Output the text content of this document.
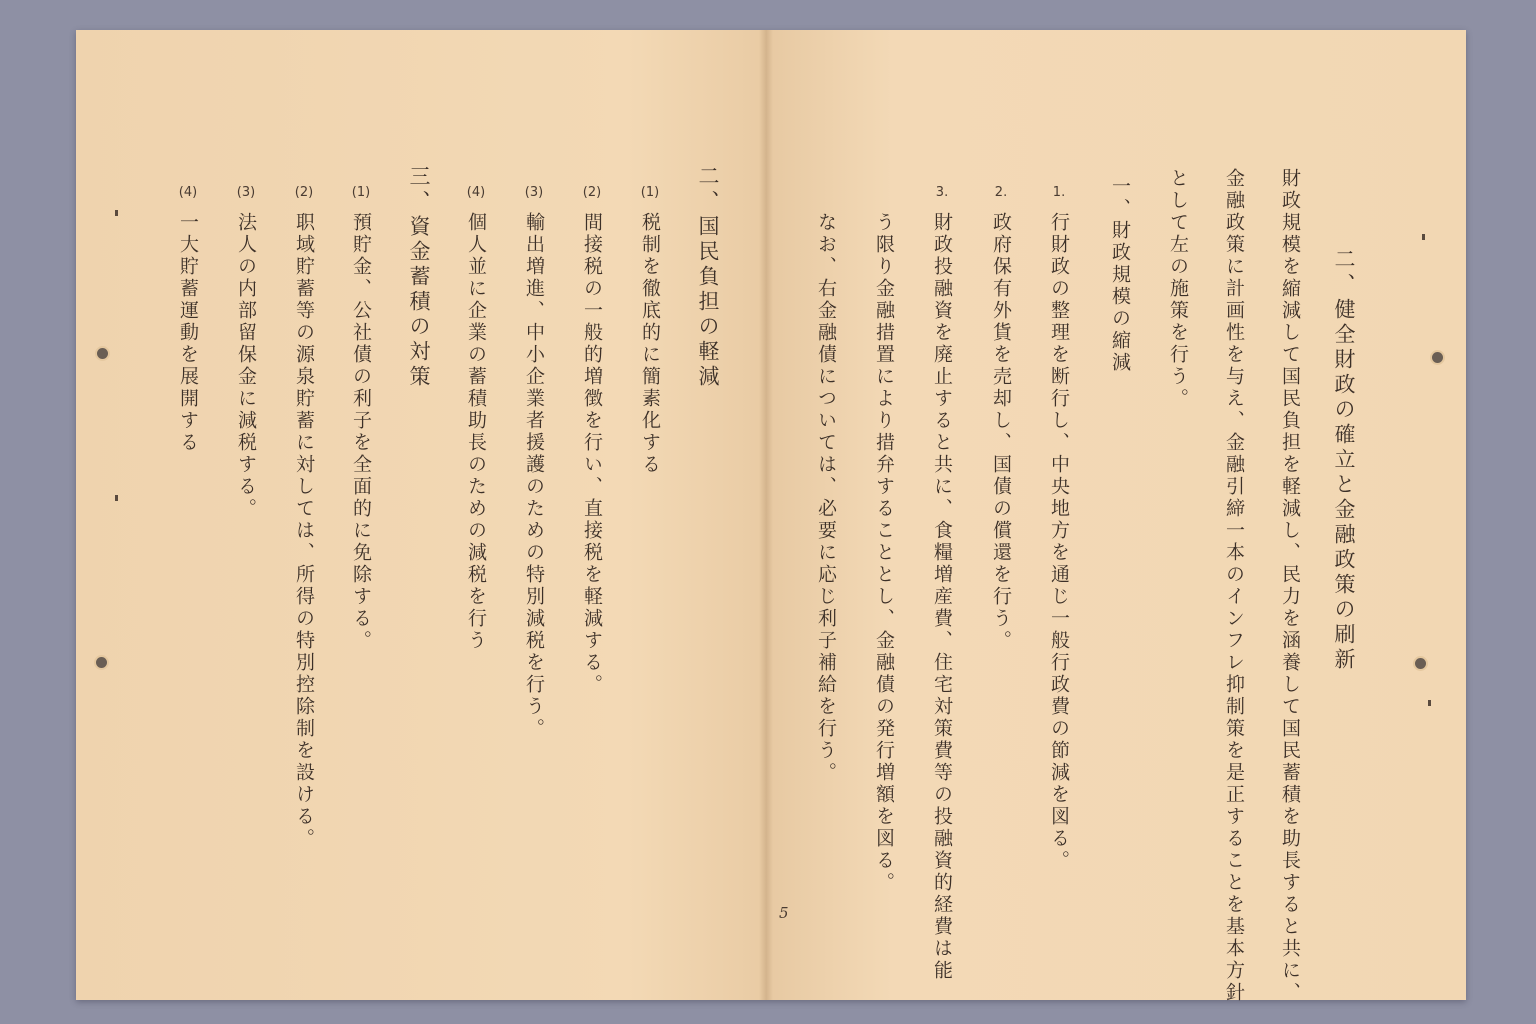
二、健全財政の確立と金融政策の刷新
財政規模を縮減して国民負担を軽減し、民力を涵養して国民蓄積を助長すると共に、
金融政策に計画性を与え、金融引締一本のインフレ抑制策を是正することを基本方針
として左の施策を行う。
一、財政規模の縮減
1.
行財政の整理を断行し、中央地方を通じ一般行政費の節減を図る。
2.
政府保有外貨を売却し、国債の償還を行う。
3.
財政投融資を廃止すると共に、食糧増産費、住宅対策費等の投融資的経費は能
う限り金融措置により措弁することとし、金融債の発行増額を図る。
なお、右金融債については、必要に応じ利子補給を行う。
5
二、国民負担の軽減
(1)
税制を徹底的に簡素化する
(2)
間接税の一般的増徴を行い、直接税を軽減する。
(3)
輸出増進、中小企業者援護のための特別減税を行う。
(4)
個人並に企業の蓄積助長のための減税を行う
三、資金蓄積の対策
(1)
預貯金、公社債の利子を全面的に免除する。
(2)
职域貯蓄等の源泉貯蓄に対しては、所得の特別控除制を設ける。
(3)
法人の内部留保金に減税する。
(4)
一大貯蓄運動を展開する
